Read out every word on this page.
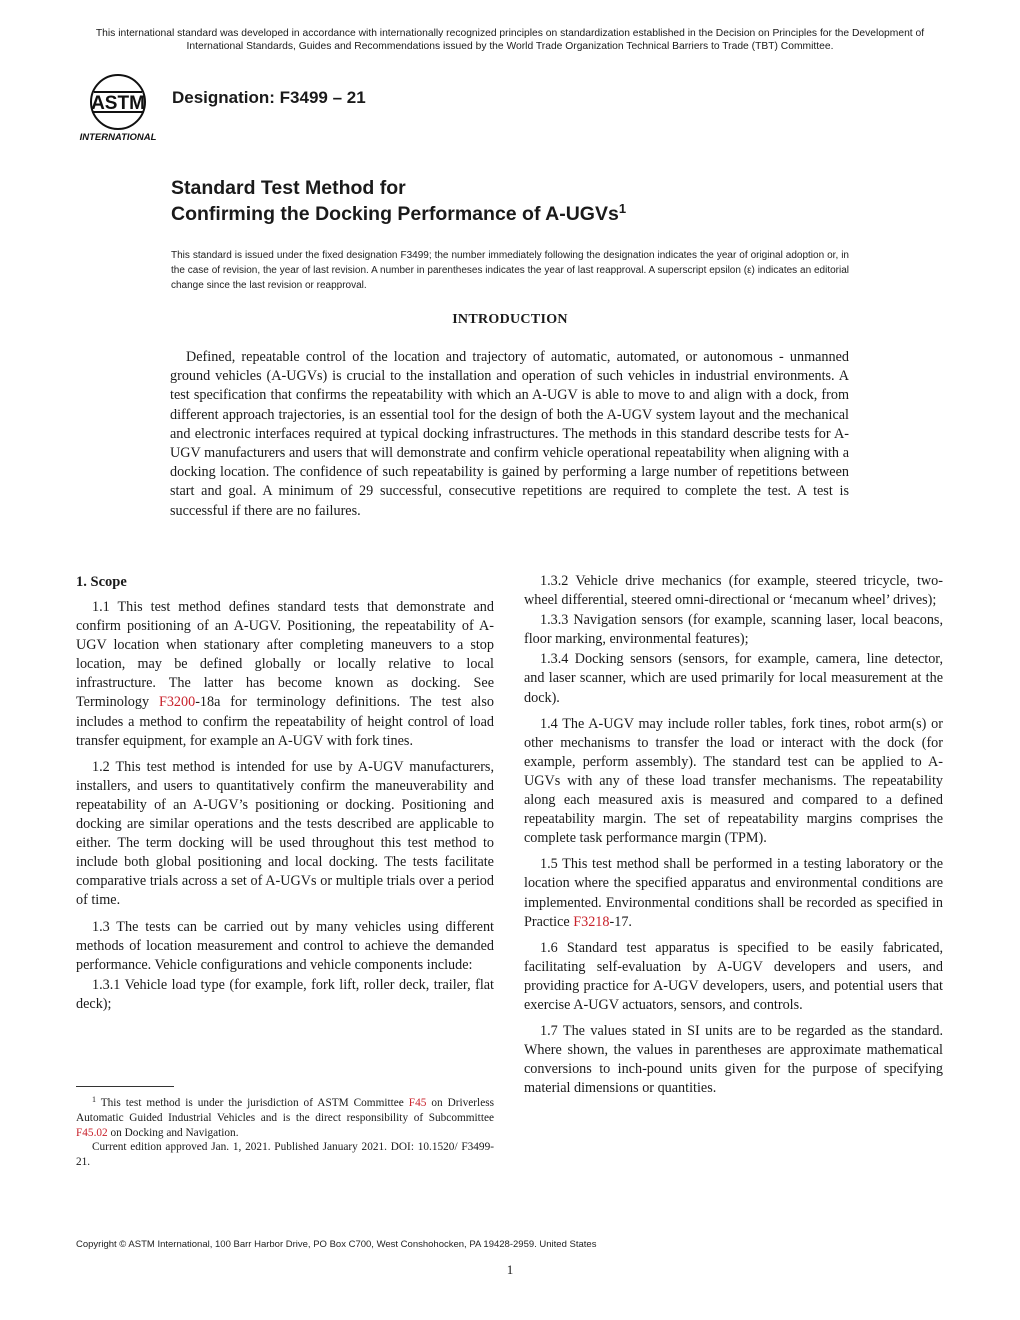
This international standard was developed in accordance with internationally recognized principles on standardization established in the Decision on Principles for the Development of International Standards, Guides and Recommendations issued by the World Trade Organization Technical Barriers to Trade (TBT) Committee.
ASTM
INTERNATIONAL
Designation: F3499 – 21
Standard Test Method for
Confirming the Docking Performance of A-UGVs$^1$
This standard is issued under the fixed designation F3499; the number immediately following the designation indicates the year of original adoption or, in the case of revision, the year of last revision. A number in parentheses indicates the year of last reapproval. A superscript epsilon (ε) indicates an editorial change since the last revision or reapproval.
INTRODUCTION
Defined, repeatable control of the location and trajectory of automatic, automated, or autonomous - unmanned ground vehicles (A-UGVs) is crucial to the installation and operation of such vehicles in industrial environments. A test specification that confirms the repeatability with which an A-UGV is able to move to and align with a dock, from different approach trajectories, is an essential tool for the design of both the A-UGV system layout and the mechanical and electronic interfaces required at typical docking infrastructures. The methods in this standard describe tests for A-UGV manufacturers and users that will demonstrate and confirm vehicle operational repeatability when aligning with a docking location. The confidence of such repeatability is gained by performing a large number of repetitions between start and goal. A minimum of 29 successful, consecutive repetitions are required to complete the test. A test is successful if there are no failures.
1. Scope

1.1 This test method defines standard tests that demonstrate and confirm positioning of an A-UGV. Positioning, the repeatability of A-UGV location when stationary after completing maneuvers to a stop location, may be defined globally or locally relative to local infrastructure. The latter has become known as docking. See Terminology F3200-18a for terminology definitions. The test also includes a method to confirm the repeatability of height control of load transfer equipment, for example an A-UGV with fork tines.

1.2 This test method is intended for use by A-UGV manufacturers, installers, and users to quantitatively confirm the maneuverability and repeatability of an A-UGV’s positioning or docking. Positioning and docking are similar operations and the tests described are applicable to either. The term docking will be used throughout this test method to include both global positioning and local docking. The tests facilitate comparative trials across a set of A-UGVs or multiple trials over a period of time.

1.3 The tests can be carried out by many vehicles using different methods of location measurement and control to achieve the demanded performance. Vehicle configurations and vehicle components include:

1.3.1 Vehicle load type (for example, fork lift, roller deck, trailer, flat deck);

1.3.2 Vehicle drive mechanics (for example, steered tricycle, two-wheel differential, steered omni-directional or ‘mecanum wheel’ drives);

1.3.3 Navigation sensors (for example, scanning laser, local beacons, floor marking, environmental features);

1.3.4 Docking sensors (sensors, for example, camera, line detector, and laser scanner, which are used primarily for local measurement at the dock).

1.4 The A-UGV may include roller tables, fork tines, robot arm(s) or other mechanisms to transfer the load or interact with the dock (for example, perform assembly). The standard test can be applied to A-UGVs with any of these load transfer mechanisms. The repeatability along each measured axis is measured and compared to a defined repeatability margin. The set of repeatability margins comprises the complete task performance margin (TPM).

1.5 This test method shall be performed in a testing laboratory or the location where the specified apparatus and environmental conditions are implemented. Environmental conditions shall be recorded as specified in Practice F3218-17.

1.6 Standard test apparatus is specified to be easily fabricated, facilitating self-evaluation by A-UGV developers and users, and providing practice for A-UGV developers, users, and potential users that exercise A-UGV actuators, sensors, and controls.

1.7 The values stated in SI units are to be regarded as the standard. Where shown, the values in parentheses are approximate mathematical conversions to inch-pound units given for the purpose of specifying material dimensions or quantities.

$^1$ This test method is under the jurisdiction of ASTM Committee F45 on Driverless Automatic Guided Industrial Vehicles and is the direct responsibility of Subcommittee F45.02 on Docking and Navigation.

Current edition approved Jan. 1, 2021. Published January 2021. DOI: 10.1520/ F3499-21.

Copyright © ASTM International, 100 Barr Harbor Drive, PO Box C700, West Conshohocken, PA 19428-2959. United States
1
